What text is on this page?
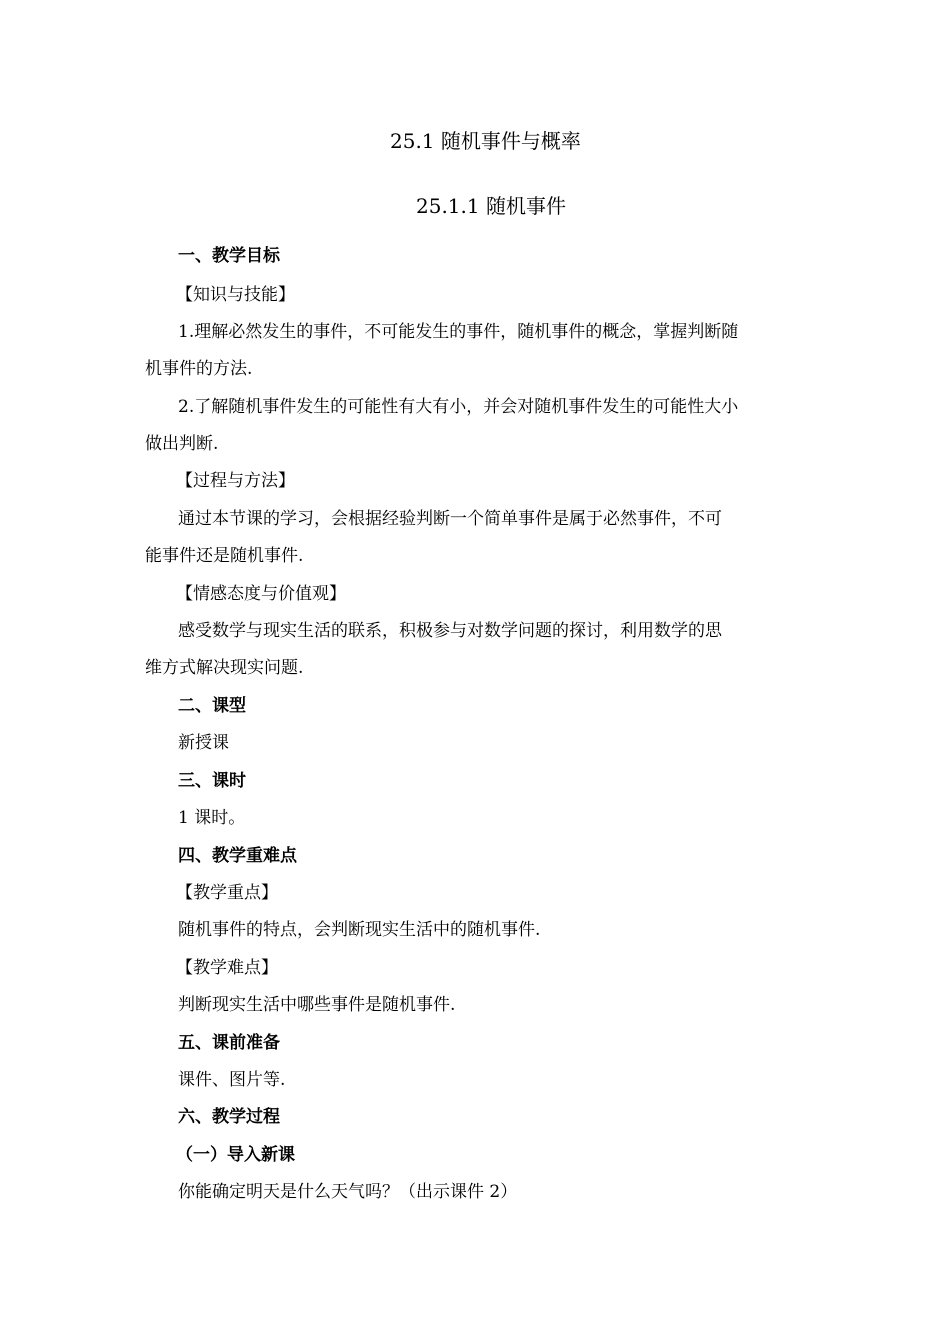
25.1 随机事件与概率
25.1.1 随机事件
一、教学目标
【知识与技能】
1.理解必然发生的事件，不可能发生的事件，随机事件的概念，掌握判断随
机事件的方法.
2.了解随机事件发生的可能性有大有小，并会对随机事件发生的可能性大小
做出判断.
【过程与方法】
通过本节课的学习，会根据经验判断一个简单事件是属于必然事件，不可
能事件还是随机事件.
【情感态度与价值观】
感受数学与现实生活的联系，积极参与对数学问题的探讨，利用数学的思
维方式解决现实问题.
二、课型
新授课
三、课时
1 课时。
四、教学重难点
【教学重点】
随机事件的特点，会判断现实生活中的随机事件.
【教学难点】
判断现实生活中哪些事件是随机事件.
五、课前准备
课件、图片等.
六、教学过程
（一）导入新课
你能确定明天是什么天气吗？（出示课件 2）
